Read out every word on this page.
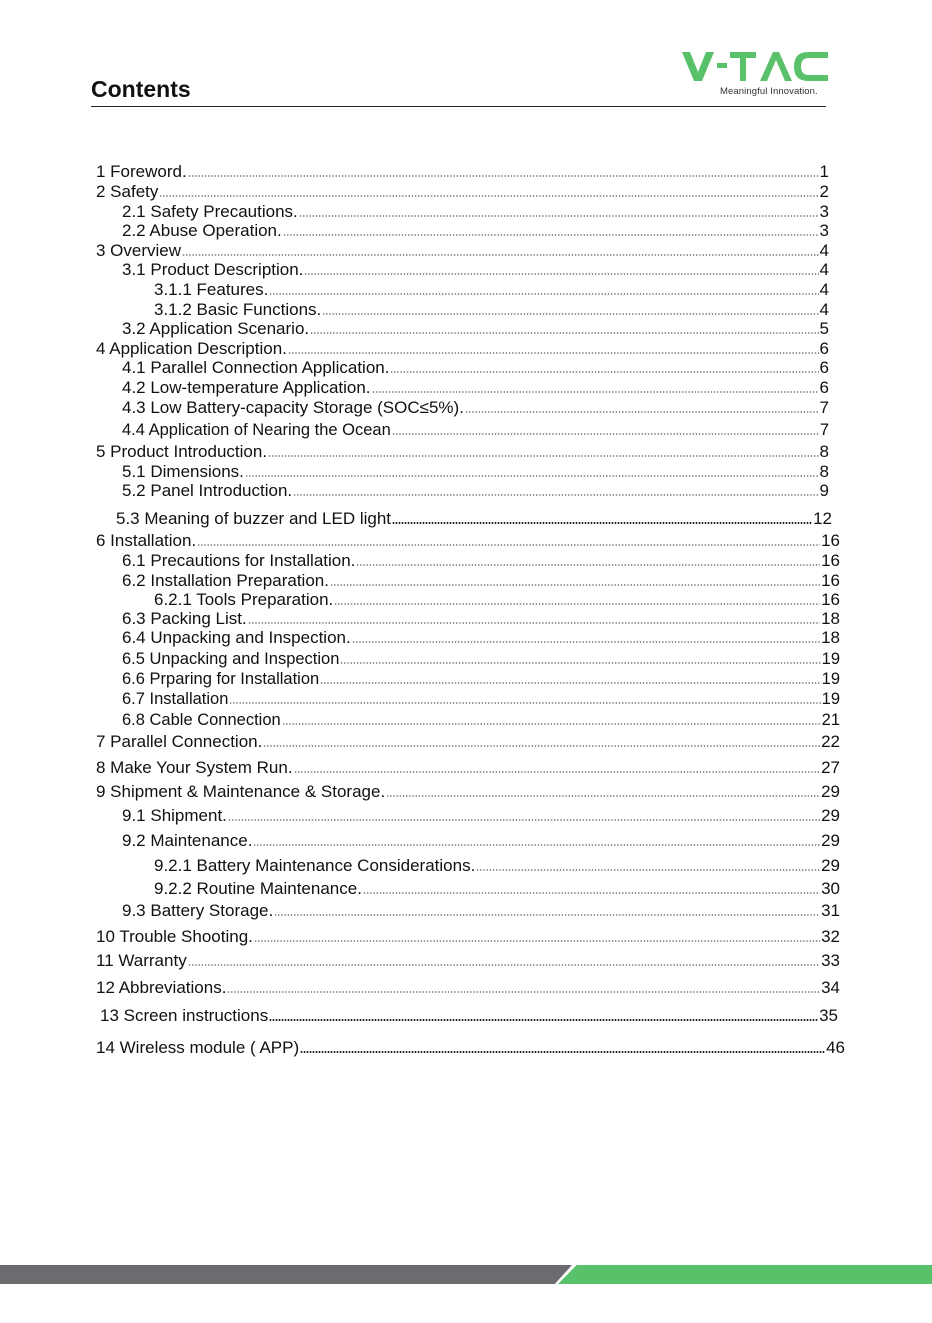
Contents	Meaningful Innovation.
1 Foreword.	1
2 Safety	2
2.1 Safety Precautions.	3
2.2 Abuse Operation.	3
3 Overview	4
3.1 Product Description.	4
3.1.1 Features.	4
3.1.2 Basic Functions.	4
3.2 Application Scenario.	5
4 Application Description.	6
4.1 Parallel Connection Application.	6
4.2 Low-temperature Application.	6
4.3 Low Battery-capacity Storage (SOC≤5%).	7
4.4 Application of Nearing the Ocean	7
5 Product Introduction.	8
5.1 Dimensions.	8
5.2 Panel Introduction.	9
5.3 Meaning of buzzer and LED light	12
6 Installation.	16
6.1 Precautions for Installation.	16
6.2 Installation Preparation.	16
6.2.1 Tools Preparation.	16
6.3 Packing List.	18
6.4 Unpacking and Inspection.	18
6.5 Unpacking and Inspection	19
6.6 Prparing for Installation	19
6.7 Installation	19
6.8 Cable Connection	21
7 Parallel Connection.	22
8 Make Your System Run.	27
9 Shipment & Maintenance & Storage.	29
9.1 Shipment.	29
9.2 Maintenance.	29
9.2.1 Battery Maintenance Considerations.	29
9.2.2 Routine Maintenance.	30
9.3 Battery Storage.	31
10 Trouble Shooting.	32
11 Warranty	33
12 Abbreviations.	34
13 Screen instructions	35
14 Wireless module ( APP)	46
